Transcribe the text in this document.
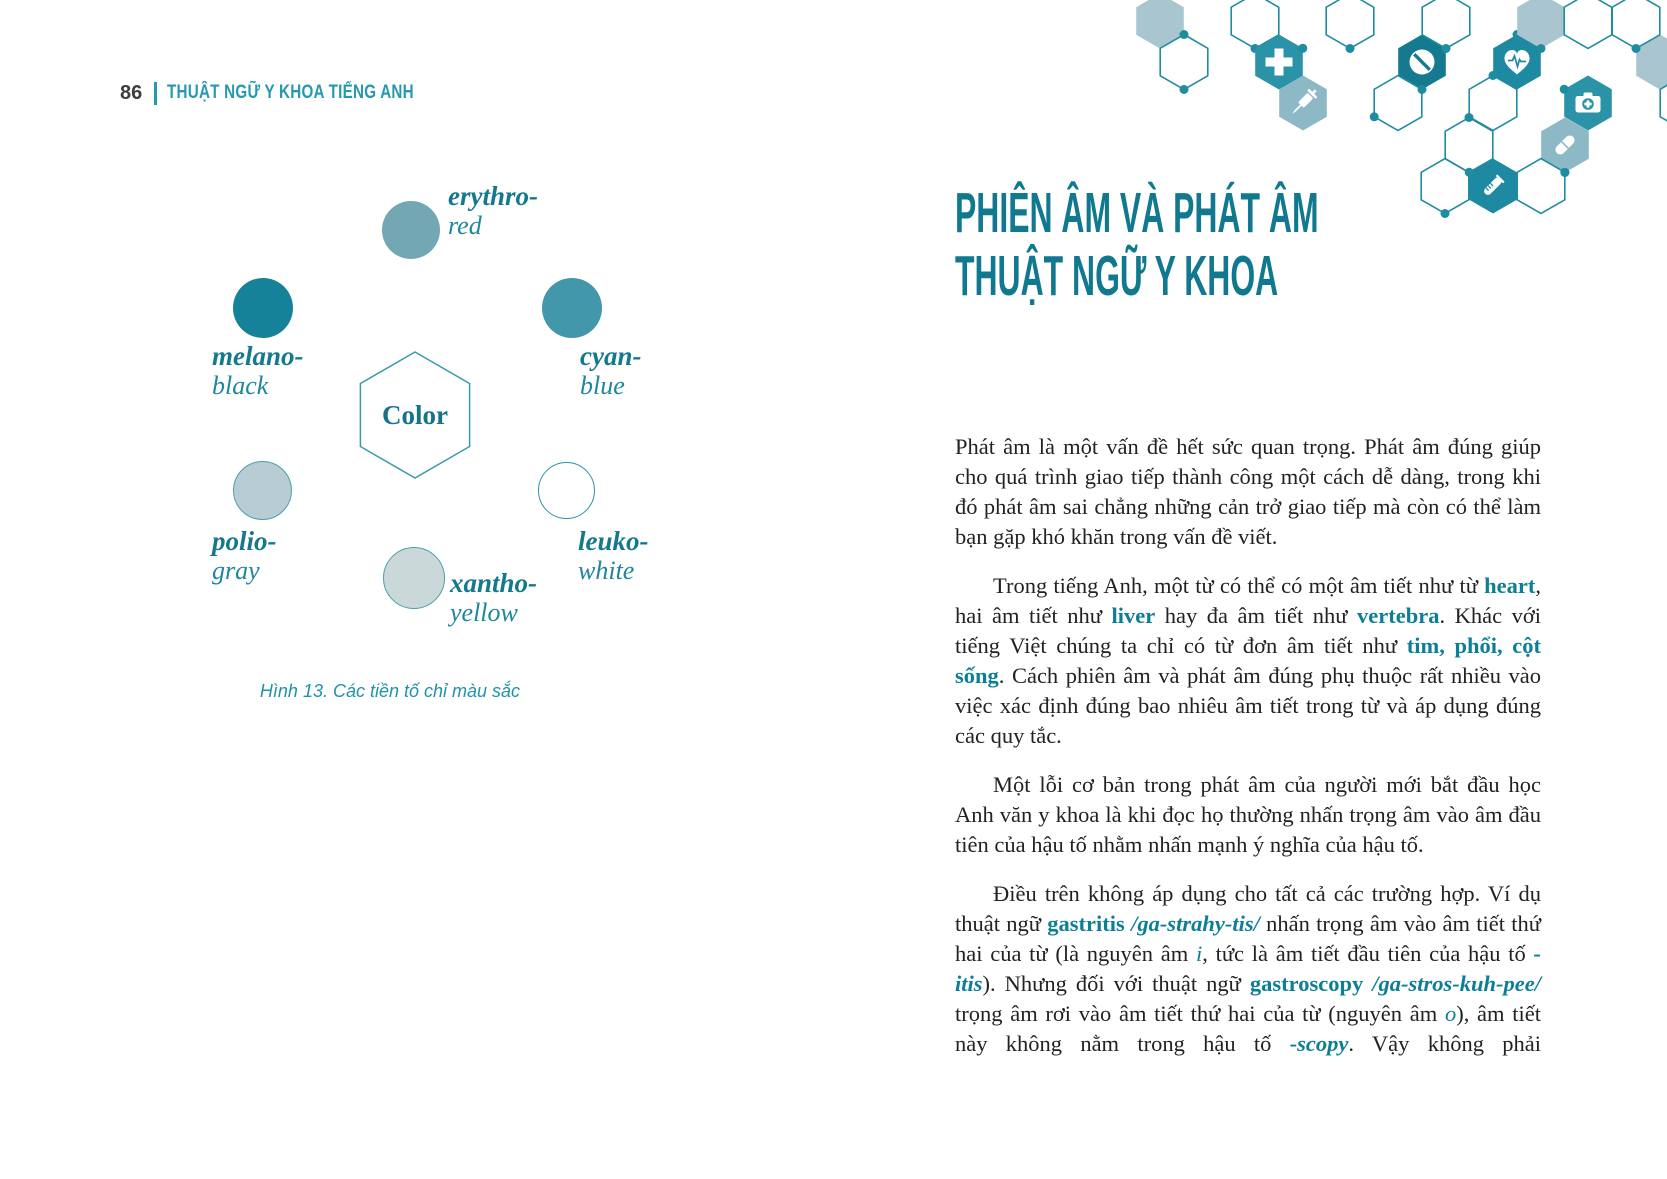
86 THUẬT NGỮ Y KHOA TIẾNG ANH
Color
erythro-
red
melano-
black
cyan-
blue
polio-
gray
leuko-
white
xantho-
yellow
Hình 13. Các tiền tố chỉ màu sắc
PHIÊN ÂM VÀ PHÁT ÂM
THUẬT NGỮ Y KHOA

Phát âm là một vấn đề hết sức quan trọng. Phát âm đúng giúp cho quá trình giao tiếp thành công một cách dễ dàng, trong khi đó phát âm sai chẳng những cản trở giao tiếp mà còn có thể làm bạn gặp khó khăn trong vấn đề viết.

Trong tiếng Anh, một từ có thể có một âm tiết như từ heart, hai âm tiết như liver hay đa âm tiết như vertebra. Khác với tiếng Việt chúng ta chỉ có từ đơn âm tiết như tim, phổi, cột sống. Cách phiên âm và phát âm đúng phụ thuộc rất nhiều vào việc xác định đúng bao nhiêu âm tiết trong từ và áp dụng đúng các quy tắc.

Một lỗi cơ bản trong phát âm của người mới bắt đầu học Anh văn y khoa là khi đọc họ thường nhấn trọng âm vào âm đầu tiên của hậu tố nhằm nhấn mạnh ý nghĩa của hậu tố.

Điều trên không áp dụng cho tất cả các trường hợp. Ví dụ thuật ngữ gastritis /ga-strahy-tis/ nhấn trọng âm vào âm tiết thứ hai của từ (là nguyên âm i, tức là âm tiết đầu tiên của hậu tố -itis). Nhưng đối với thuật ngữ gastroscopy /ga-stros-kuh-pee/ trọng âm rơi vào âm tiết thứ hai của từ (nguyên âm o), âm tiết này không nằm trong hậu tố -scopy. Vậy không phải
